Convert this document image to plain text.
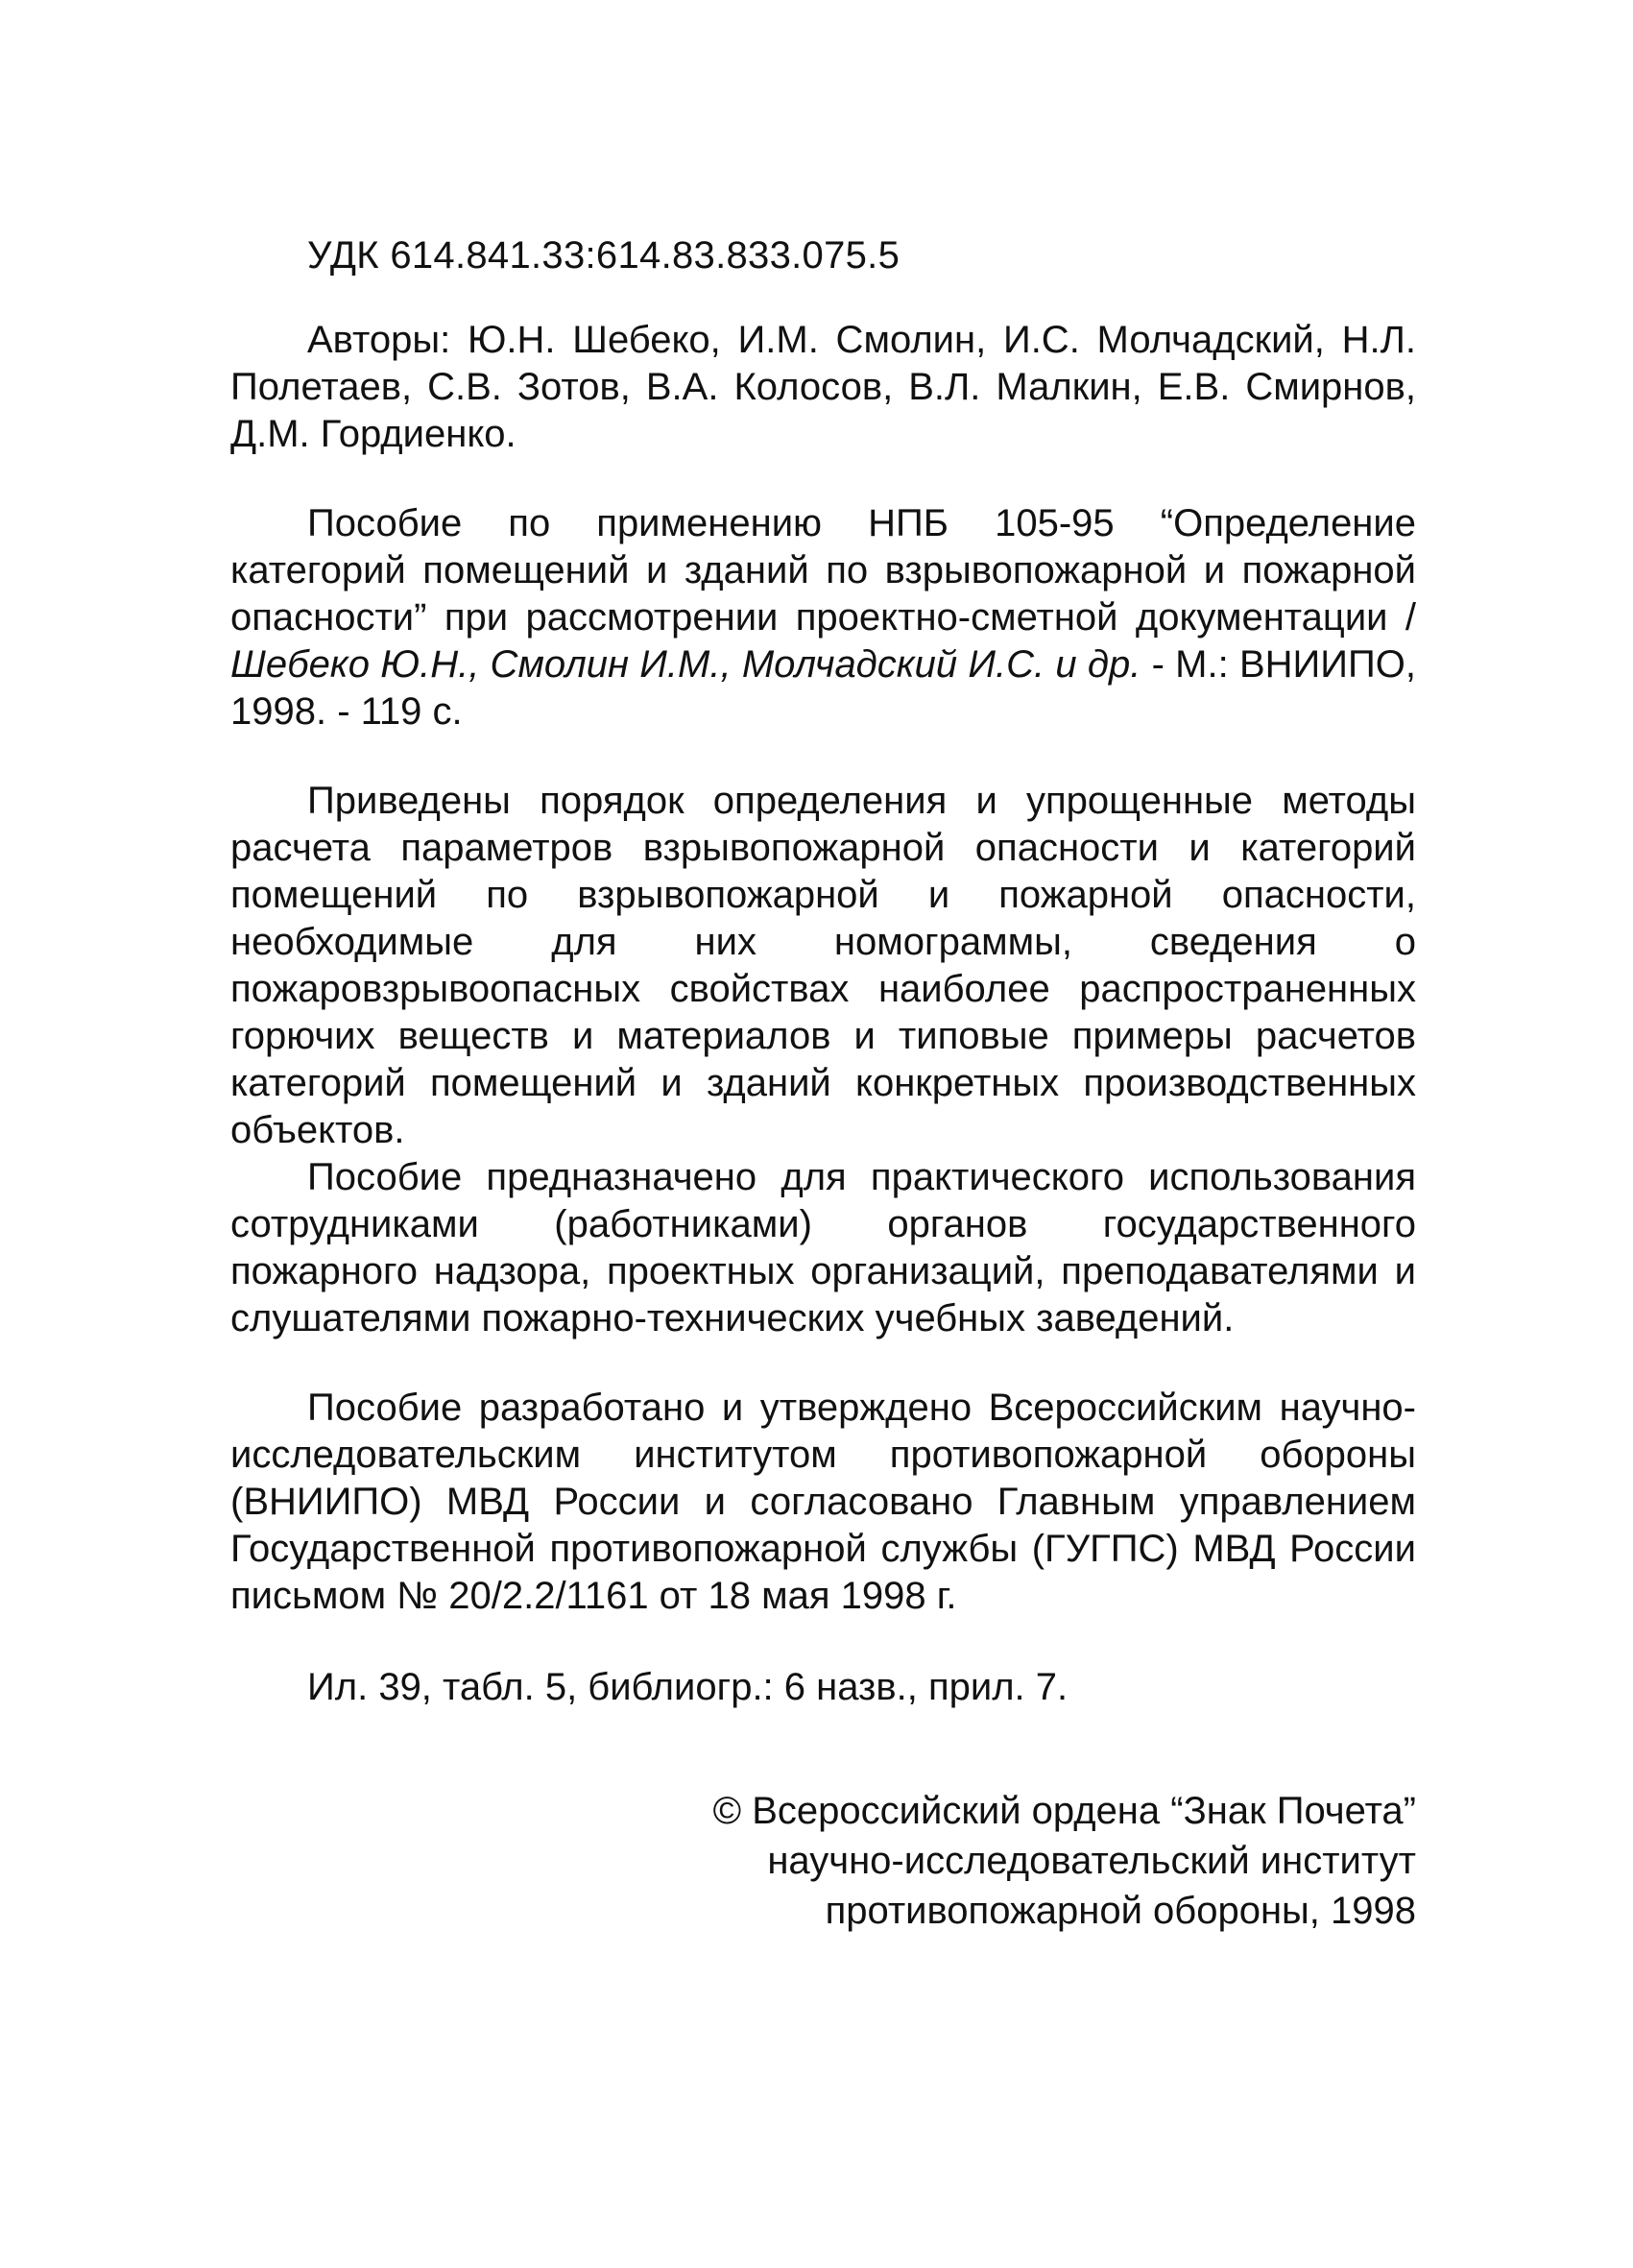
УДК 614.841.33:614.83.833.075.5

Авторы: Ю.Н. Шебеко, И.М. Смолин, И.С. Молчадский, Н.Л. Полетаев, С.В. Зотов, В.А. Колосов, В.Л. Малкин, Е.В. Смирнов, Д.М. Гордиенко.

Пособие по применению НПБ 105-95 “Определение категорий помещений и зданий по взрывопожарной и пожарной опасности” при рассмотрении проектно-сметной документации / Шебеко Ю.Н., Смолин И.М., Молчадский И.С. и др. - М.: ВНИИПО, 1998. - 119 с.

Приведены порядок определения и упрощенные методы расчета параметров взрывопожарной опасности и категорий помещений по взрывопожарной и пожарной опасности, необходимые для них номограммы, сведения о пожаровзрывоопасных свойствах наиболее распространенных горючих веществ и материалов и типовые примеры расчетов категорий помещений и зданий конкретных производственных объектов.

Пособие предназначено для практического использования сотрудниками (работниками) органов государственного пожарного надзора, проектных организаций, преподавателями и слушателями пожарно-технических учебных заведений.

Пособие разработано и утверждено Всероссийским научно-исследовательским институтом противопожарной обороны (ВНИИПО) МВД России и согласовано Главным управлением Государственной противопожарной службы (ГУГПС) МВД России письмом № 20/2.2/1161 от 18 мая 1998 г.

Ил. 39, табл. 5, библиогр.: 6 назв., прил. 7.
© Всероссийский ордена “Знак Почета”
научно-исследовательский институт
противопожарной обороны, 1998
